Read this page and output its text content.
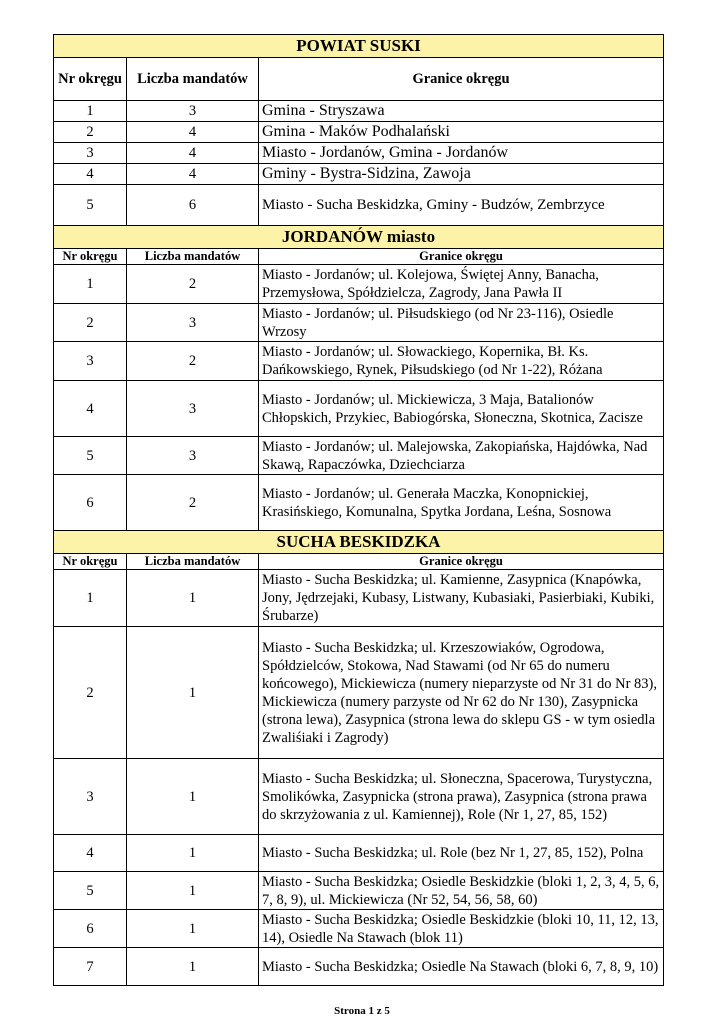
POWIAT SUSKI		
Nr okręgu	Liczba mandatów	Granice okręgu
1	3	Gmina - Stryszawa
2	4	Gmina - Maków Podhalański
3	4	Miasto - Jordanów, Gmina - Jordanów
4	4	Gminy - Bystra-Sidzina, Zawoja
5	6	Miasto - Sucha Beskidzka, Gminy - Budzów, Zembrzyce
JORDANÓW miasto		
Nr okręgu	Liczba mandatów	Granice okręgu
1	2	Miasto - Jordanów; ul. Kolejowa, Świętej Anny, Banacha, Przemysłowa, Spółdzielcza, Zagrody, Jana Pawła II
2	3	Miasto - Jordanów; ul. Piłsudskiego (od Nr 23-116), Osiedle Wrzosy
3	2	Miasto - Jordanów; ul. Słowackiego, Kopernika, Bł. Ks. Dańkowskiego, Rynek, Piłsudskiego (od Nr 1-22), Różana
4	3	Miasto - Jordanów; ul. Mickiewicza, 3 Maja, Batalionów Chłopskich, Przykiec, Babiogórska, Słoneczna, Skotnica, Zacisze
5	3	Miasto - Jordanów; ul. Malejowska, Zakopiańska, Hajdówka, Nad Skawą, Rapaczówka, Dziechciarza
6	2	Miasto - Jordanów; ul. Generała Maczka, Konopnickiej, Krasińskiego, Komunalna, Spytka Jordana, Leśna, Sosnowa
SUCHA BESKIDZKA		
Nr okręgu	Liczba mandatów	Granice okręgu
1	1	Miasto - Sucha Beskidzka; ul. Kamienne, Zasypnica (Knapówka, Jony, Jędrzejaki, Kubasy, Listwany, Kubasiaki, Pasierbiaki, Kubiki, Śrubarze)
2	1	Miasto - Sucha Beskidzka; ul. Krzeszowiaków, Ogrodowa, Spółdzielców, Stokowa, Nad Stawami (od Nr 65 do numeru końcowego), Mickiewicza (numery nieparzyste od Nr 31 do Nr 83), Mickiewicza (numery parzyste od Nr 62 do Nr 130), Zasypnicka (strona lewa), Zasypnica (strona lewa do sklepu GS - w tym osiedla Zwaliśiaki i Zagrody)
3	1	Miasto - Sucha Beskidzka; ul. Słoneczna, Spacerowa, Turystyczna, Smolikówka, Zasypnicka (strona prawa), Zasypnica (strona prawa do skrzyżowania z ul. Kamiennej), Role (Nr 1, 27, 85, 152)
4	1	Miasto - Sucha Beskidzka; ul. Role (bez Nr 1, 27, 85, 152), Polna
5	1	Miasto - Sucha Beskidzka; Osiedle Beskidzkie (bloki 1, 2, 3, 4, 5, 6, 7, 8, 9), ul. Mickiewicza (Nr 52, 54, 56, 58, 60)
6	1	Miasto - Sucha Beskidzka; Osiedle Beskidzkie (bloki 10, 11, 12, 13, 14), Osiedle Na Stawach (blok 11)
7	1	Miasto - Sucha Beskidzka; Osiedle Na Stawach (bloki 6, 7, 8, 9, 10)
Strona 1 z 5
